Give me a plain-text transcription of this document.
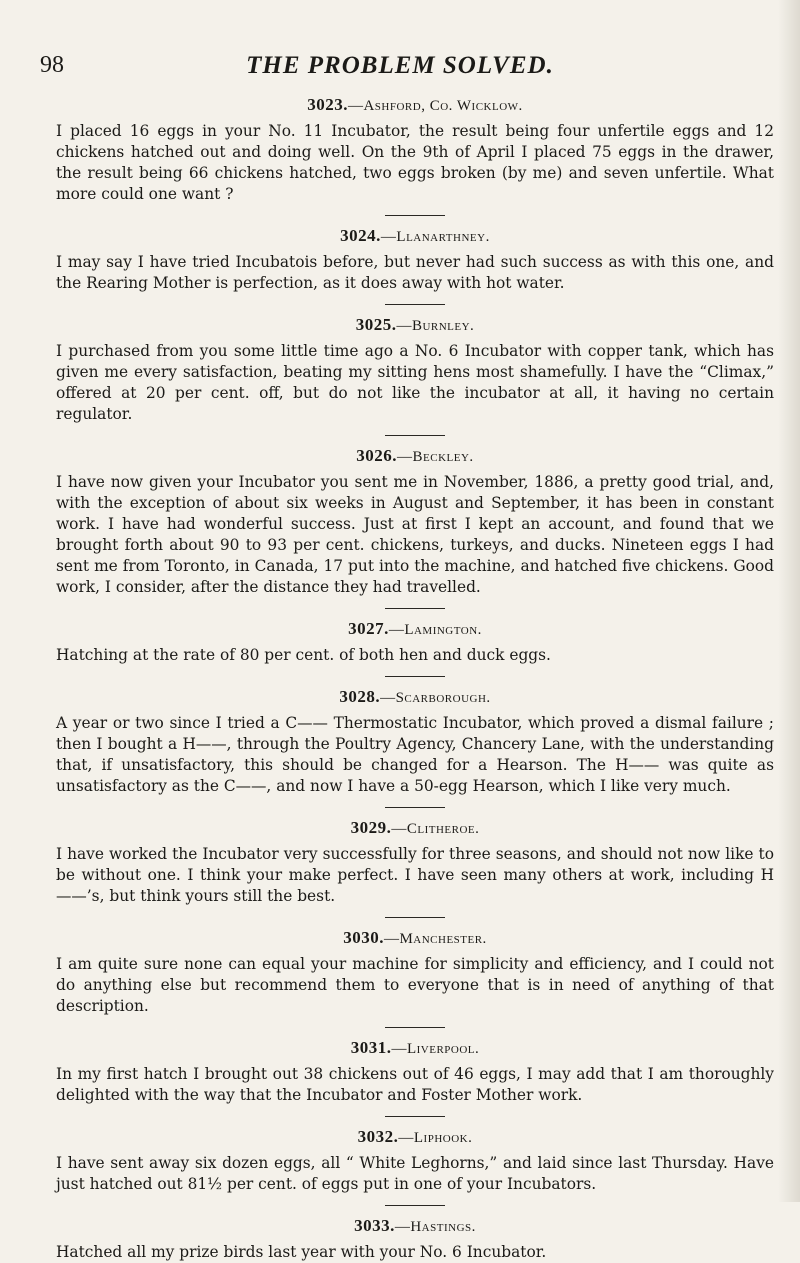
98	THE PROBLEM SOLVED.
3023.—Ashford, Co. Wicklow.

I placed 16 eggs in your No. 11 Incubator, the result being four unfertile eggs and 12 chickens hatched out and doing well. On the 9th of April I placed 75 eggs in the drawer, the result being 66 chickens hatched, two eggs broken (by me) and seven unfertile. What more could one want ?

3024.—Llanarthney.

I may say I have tried Incubatois before, but never had such success as with this one, and the Rearing Mother is perfection, as it does away with hot water.

3025.—Burnley.

I purchased from you some little time ago a No. 6 Incubator with copper tank, which has given me every satisfaction, beating my sitting hens most shamefully. I have the “Climax,” offered at 20 per cent. off, but do not like the incubator at all, it having no certain regulator.

3026.—Beckley.

I have now given your Incubator you sent me in November, 1886, a pretty good trial, and, with the exception of about six weeks in August and September, it has been in constant work. I have had wonderful success. Just at first I kept an account, and found that we brought forth about 90 to 93 per cent. chickens, turkeys, and ducks. Nineteen eggs I had sent me from Toronto, in Canada, 17 put into the machine, and hatched five chickens. Good work, I consider, after the distance they had travelled.

3027.—Lamington.

Hatching at the rate of 80 per cent. of both hen and duck eggs.

3028.—Scarborough.

A year or two since I tried a C—— Thermostatic Incubator, which proved a dismal failure ; then I bought a H——, through the Poultry Agency, Chancery Lane, with the understanding that, if unsatisfactory, this should be changed for a Hearson. The H—— was quite as unsatisfactory as the C——, and now I have a 50-egg Hearson, which I like very much.

3029.—Clitheroe.

I have worked the Incubator very successfully for three seasons, and should not now like to be without one. I think your make perfect. I have seen many others at work, including H——’s, but think yours still the best.

3030.—Manchester.

I am quite sure none can equal your machine for simplicity and efficiency, and I could not do anything else but recommend them to everyone that is in need of anything of that description.

3031.—Liverpool.

In my first hatch I brought out 38 chickens out of 46 eggs, I may add that I am thoroughly delighted with the way that the Incubator and Foster Mother work.

3032.—Liphook.

I have sent away six dozen eggs, all “ White Leghorns,” and laid since last Thursday. Have just hatched out 81½ per cent. of eggs put in one of your Incubators.

3033.—Hastings.

Hatched all my prize birds last year with your No. 6 Incubator.
